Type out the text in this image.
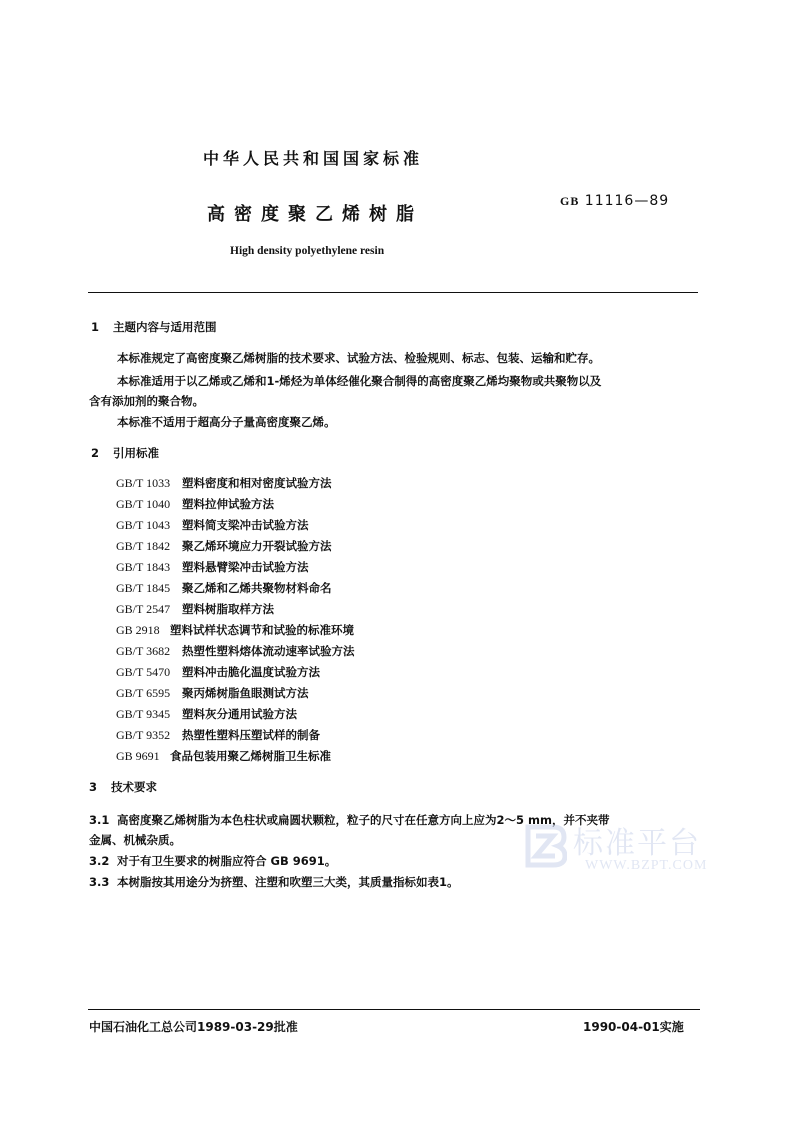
中华人民共和国国家标准
高密度聚乙烯树脂
GB 11116—89
High density polyethylene resin
1 主题内容与适用范围
本标准规定了高密度聚乙烯树脂的技术要求、试验方法、检验规则、标志、包装、运输和贮存。
本标准适用于以乙烯或乙烯和1-烯烃为单体经催化聚合制得的高密度聚乙烯均聚物或共聚物以及
含有添加剂的聚合物。
本标准不适用于超高分子量高密度聚乙烯。
2 引用标准
GB/T 1033 塑料密度和相对密度试验方法
GB/T 1040 塑料拉伸试验方法
GB/T 1043 塑料简支梁冲击试验方法
GB/T 1842 聚乙烯环境应力开裂试验方法
GB/T 1843 塑料悬臂梁冲击试验方法
GB/T 1845 聚乙烯和乙烯共聚物材料命名
GB/T 2547 塑料树脂取样方法
GB 2918 塑料试样状态调节和试验的标准环境
GB/T 3682 热塑性塑料熔体流动速率试验方法
GB/T 5470 塑料冲击脆化温度试验方法
GB/T 6595 聚丙烯树脂鱼眼测试方法
GB/T 9345 塑料灰分通用试验方法
GB/T 9352 热塑性塑料压塑试样的制备
GB 9691 食品包装用聚乙烯树脂卫生标准
3 技术要求
3.1 高密度聚乙烯树脂为本色柱状或扁圆状颗粒，粒子的尺寸在任意方向上应为2～5 mm，并不夹带
金属、机械杂质。
3.2 对于有卫生要求的树脂应符合 GB 9691。
3.3 本树脂按其用途分为挤塑、注塑和吹塑三大类，其质量指标如表1。
标准平台
WWW.BZPT.COM
中国石油化工总公司1989-03-29批准	1990-04-01实施
